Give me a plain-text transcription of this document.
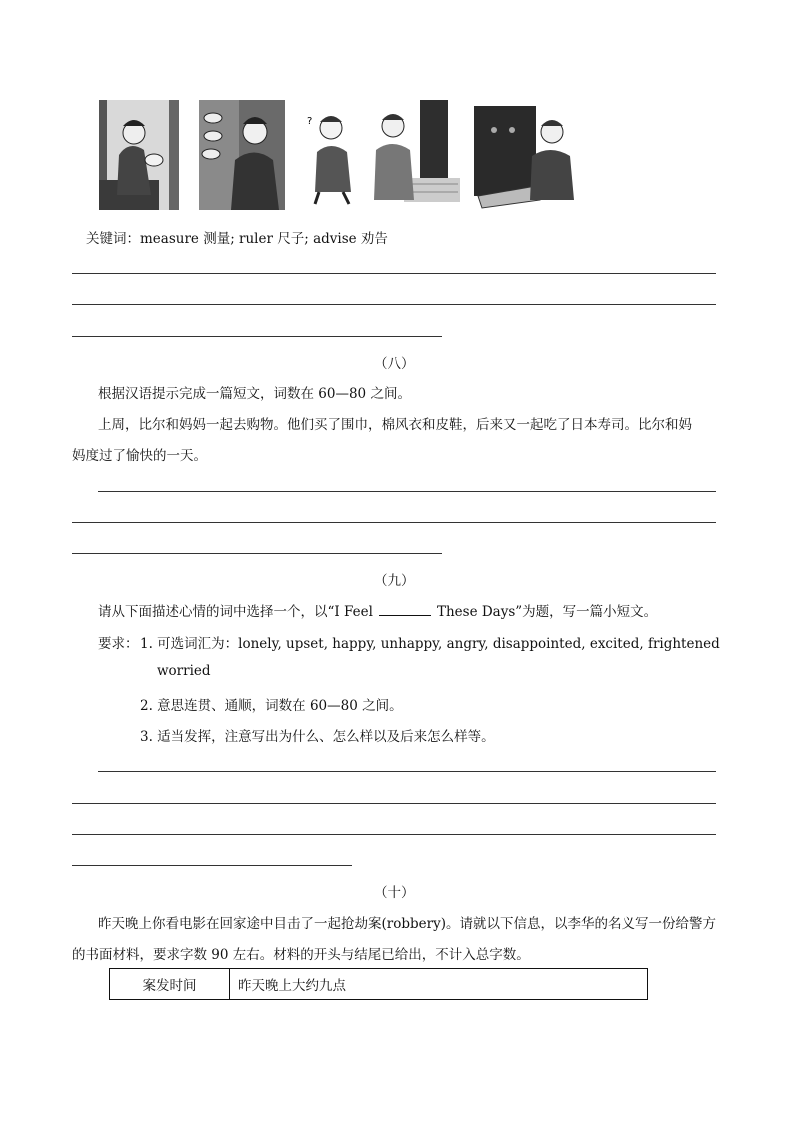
?
关键词：measure 测量; ruler 尺子; advise 劝告
（八）
根据汉语提示完成一篇短文，词数在 60—80 之间。
上周，比尔和妈妈一起去购物。他们买了围巾，棉风衣和皮鞋，后来又一起吃了日本寿司。比尔和妈
妈度过了愉快的一天。
（九）
请从下面描述心情的词中选择一个，以“I Feel	These Days”为题，写一篇小短文。
要求： 1. 可选词汇为：lonely, upset, happy, unhappy, angry, disappointed, excited, frightened
worried
2. 意思连贯、通顺，词数在 60—80 之间。
3. 适当发挥，注意写出为什么、怎么样以及后来怎么样等。
（十）
昨天晚上你看电影在回家途中目击了一起抢劫案(robbery)。请就以下信息，以李华的名义写一份给警方
的书面材料，要求字数 90 左右。材料的开头与结尾已给出，不计入总字数。
案发时间	昨天晚上大约九点
